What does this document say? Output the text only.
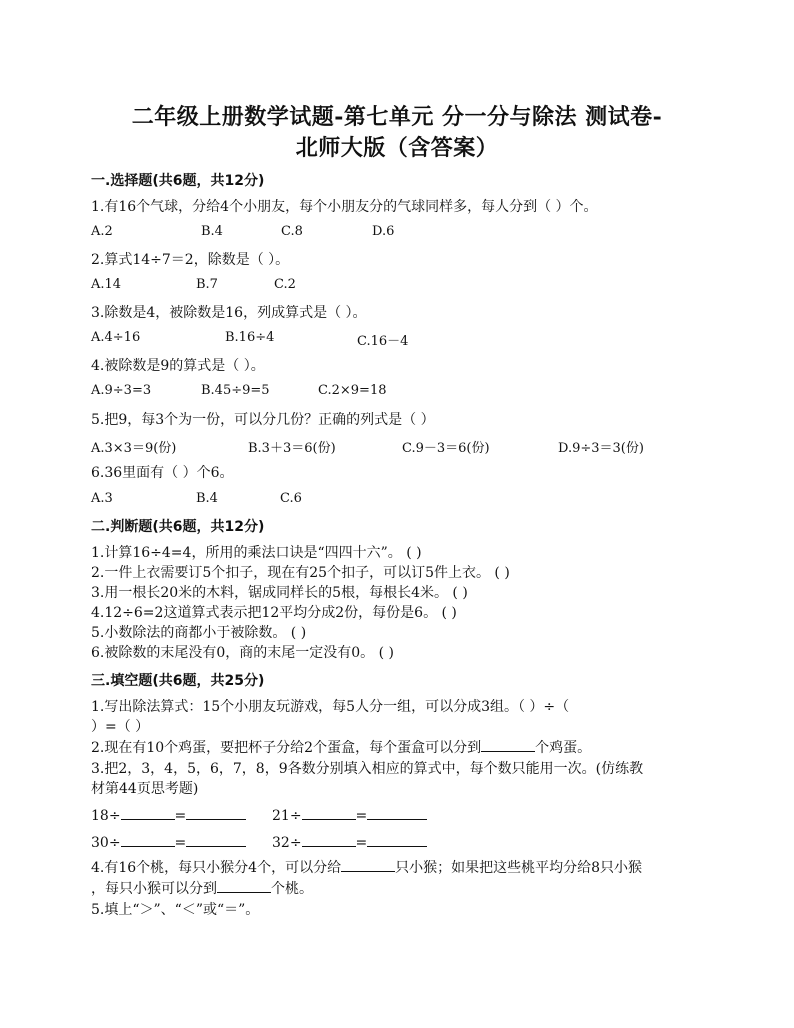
二年级上册数学试题-第七单元 分一分与除法 测试卷-
北师大版（含答案）
一.选择题(共6题，共12分)
1.有16个气球，分给4个小朋友，每个小朋友分的气球同样多，每人分到（ ）个。
A.2	B.4	C.8	D.6
2.算式14÷7＝2，除数是（ ）。
A.14	B.7	C.2
3.除数是4，被除数是16，列成算式是（ ）。
A.4÷16	B.16÷4	C.16－4
4.被除数是9的算式是（ ）。
A.9÷3=3	B.45÷9=5	C.2×9=18
5.把9，每3个为一份，可以分几份？正确的列式是（ ）
A.3×3＝9(份)	B.3＋3＝6(份)	C.9－3＝6(份)	D.9÷3＝3(份)
6.36里面有（ ）个6。
A.3	B.4	C.6
二.判断题(共6题，共12分)
1.计算16÷4=4，所用的乘法口诀是“四四十六”。 ( )
2.一件上衣需要订5个扣子，现在有25个扣子，可以订5件上衣。 ( )
3.用一根长20米的木料，锯成同样长的5根，每根长4米。 ( )
4.12÷6=2这道算式表示把12平均分成2份，每份是6。 ( )
5.小数除法的商都小于被除数。 ( )
6.被除数的末尾没有0，商的末尾一定没有0。 ( )
三.填空题(共6题，共25分)
1.写出除法算式：15个小朋友玩游戏，每5人分一组，可以分成3组。（ ）÷（
）=（ ）
2.现在有10个鸡蛋，要把杯子分给2个蛋盒，每个蛋盒可以分到	个鸡蛋。
3.把2，3，4，5，6，7，8，9各数分别填入相应的算式中，每个数只能用一次。(仿练教
材第44页思考题)
18÷	=	21÷	=
30÷	=	32÷	=
4.有16个桃，每只小猴分4个，可以分给	只小猴；如果把这些桃平均分给8只小猴
，每只小猴可以分到	个桃。
5.填上“＞”、“＜”或“＝”。
